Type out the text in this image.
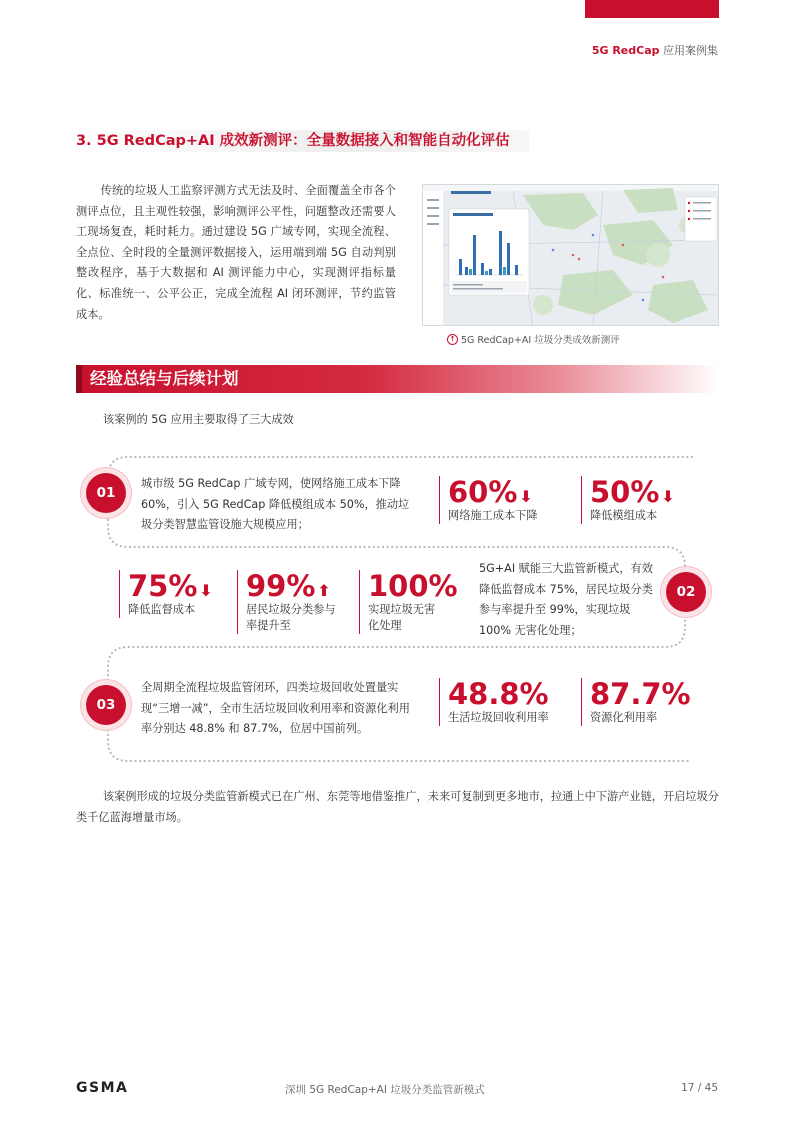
5G RedCap 应用案例集
3. 5G RedCap+AI 成效新测评：全量数据接入和智能自动化评估

传统的垃圾人工监察评测方式无法及时、全面覆盖全市各个测评点位，且主观性较强，影响测评公平性，问题整改还需要人工现场复查，耗时耗力。通过建设 5G 广域专网，实现全流程、全点位、全时段的全量测评数据接入，运用端到端 5G 自动判别整改程序，基于大数据和 AI 测评能力中心，实现测评指标量化、标准统一、公平公正，完成全流程 AI 闭环测评，节约监管成本。

↑ 5G RedCap+AI 垃圾分类成效新测评
经验总结与后续计划
该案例的 5G 应用主要取得了三大成效
01

城市级 5G RedCap 广域专网，使网络施工成本下降 60%，引入 5G RedCap 降低模组成本 50%，推动垃圾分类智慧监管设施大规模应用；

60% ⬇
网络施工成本下降
50% ⬇
降低模组成本
75% ⬇
降低监督成本
99% ⬆
居民垃圾分类参与率提升至
100%
实现垃圾无害化处理

5G+AI 赋能三大监管新模式，有效降低监督成本 75%，居民垃圾分类参与率提升至 99%，实现垃圾 100% 无害化处理；

02
03

全周期全流程垃圾监管闭环，四类垃圾回收处置量实现“三增一减”，全市生活垃圾回收利用率和资源化利用率分别达 48.8% 和 87.7%，位居中国前列。

48.8%
生活垃圾回收利用率
87.7%
资源化利用率

该案例形成的垃圾分类监管新模式已在广州、东莞等地借鉴推广，未来可复制到更多地市，拉通上中下游产业链，开启垃圾分类千亿蓝海增量市场。

GSMA	深圳 5G RedCap+AI 垃圾分类监管新模式	17 / 45
